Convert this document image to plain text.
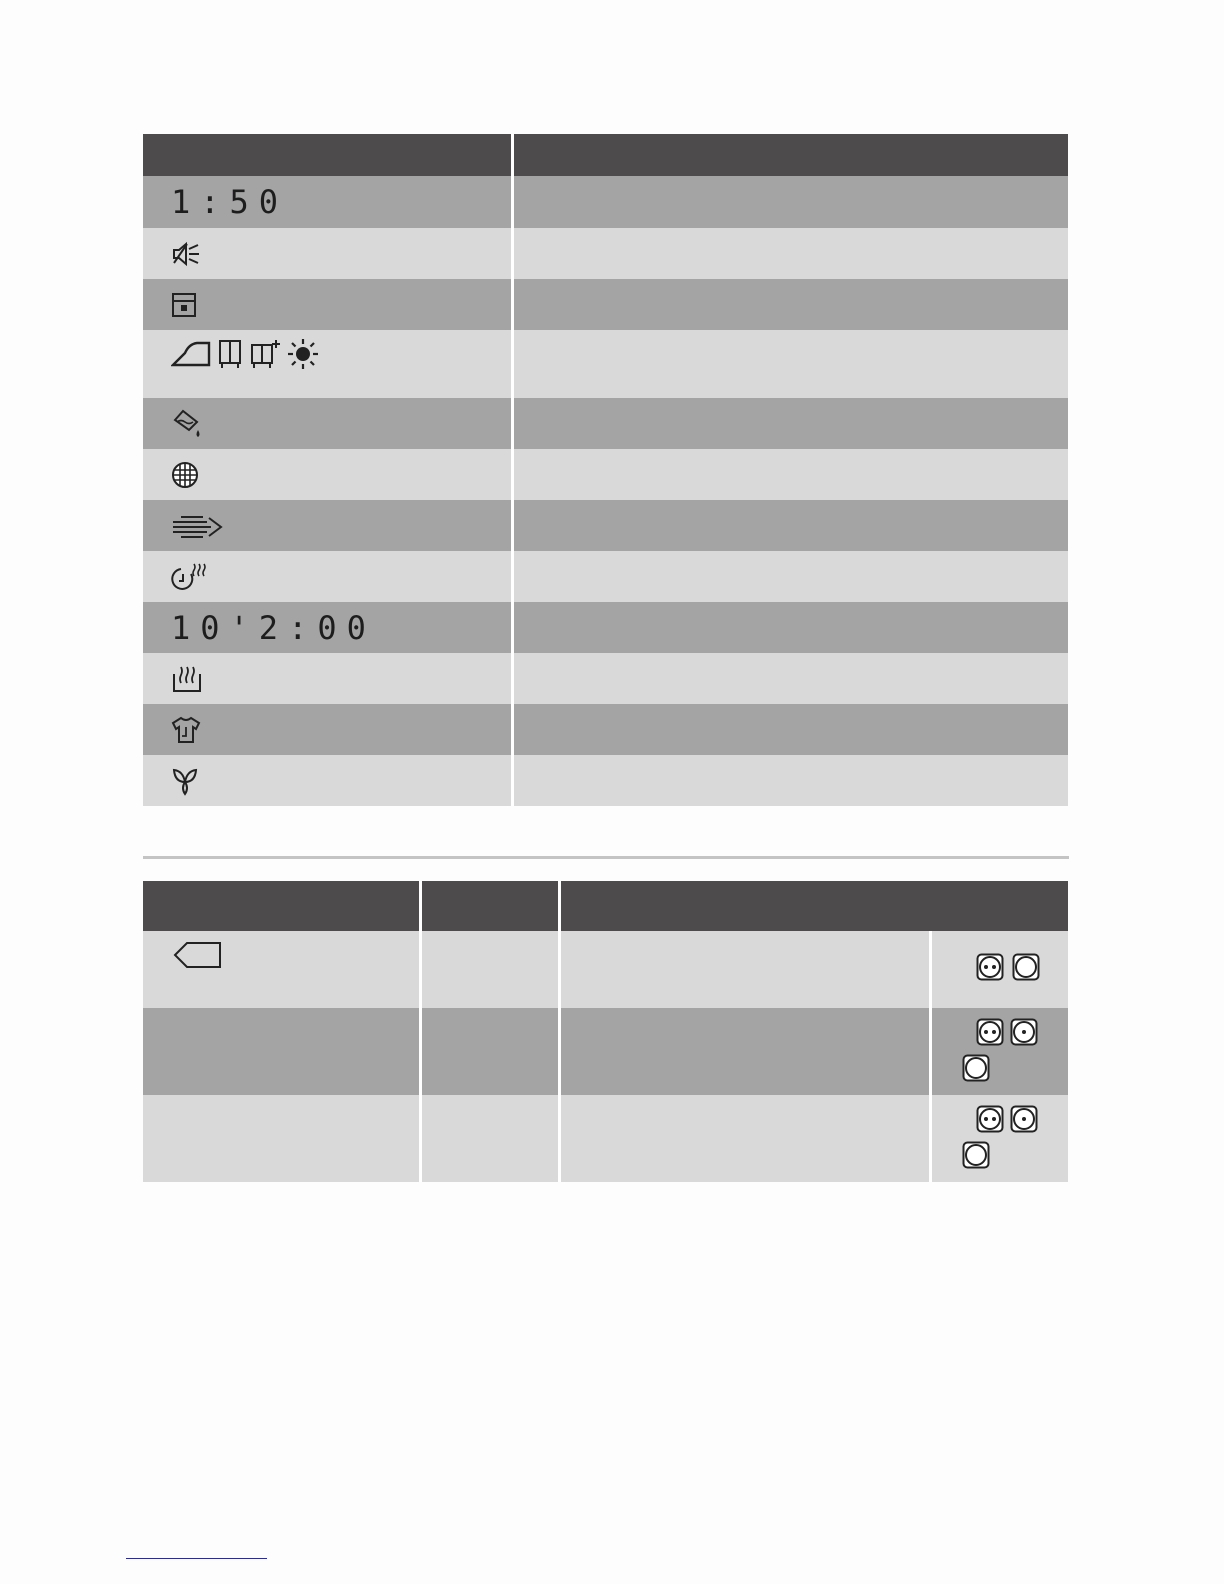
1:50
10'2:00
